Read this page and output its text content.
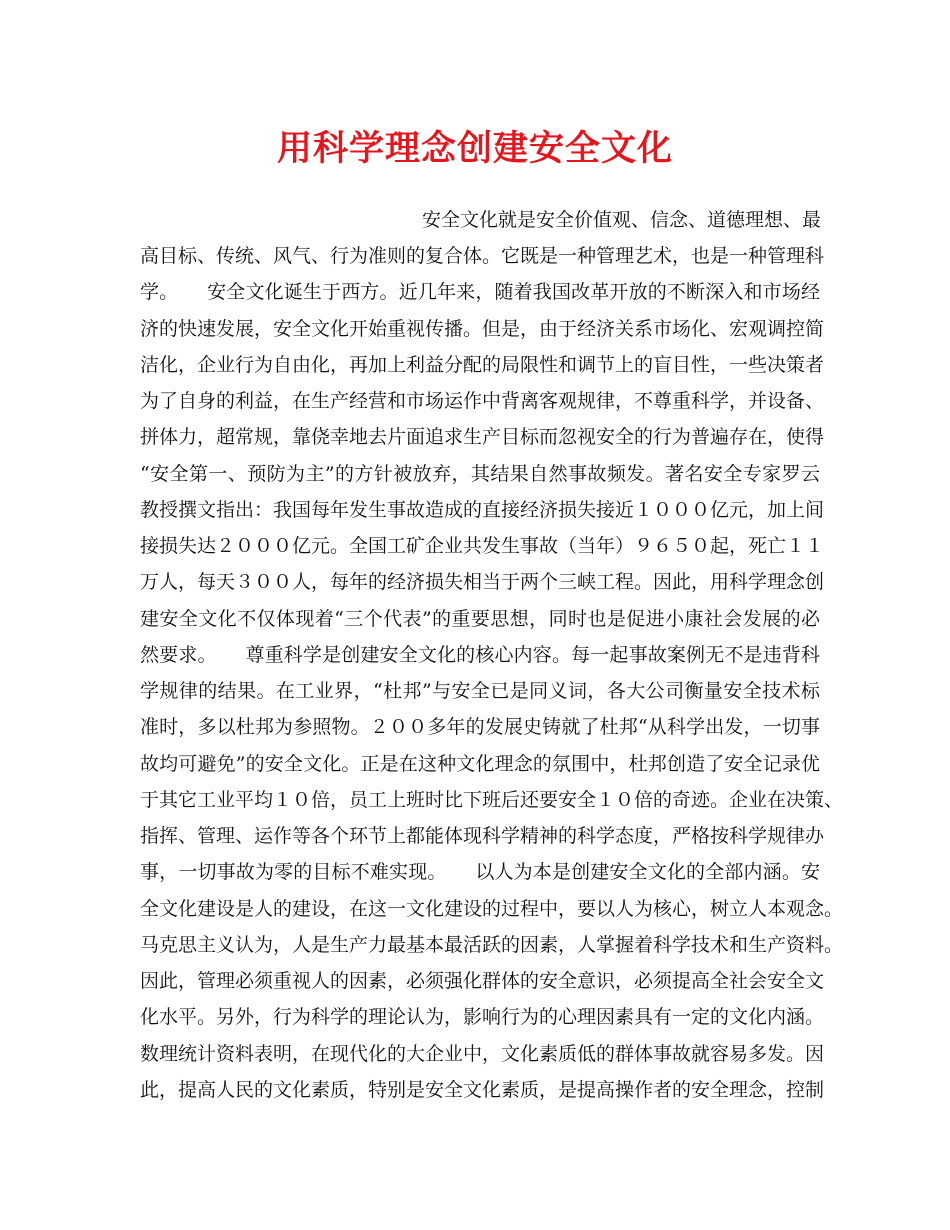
用科学理念创建安全文化

安全文化就是安全价值观、信念、道德理想、最

高目标、传统、风气、行为准则的复合体。它既是一种管理艺术，也是一种管理科

学。　　安全文化诞生于西方。近几年来，随着我国改革开放的不断深入和市场经

济的快速发展，安全文化开始重视传播。但是，由于经济关系市场化、宏观调控简

洁化，企业行为自由化，再加上利益分配的局限性和调节上的盲目性，一些决策者

为了自身的利益，在生产经营和市场运作中背离客观规律，不尊重科学，并设备、

拼体力，超常规，靠侥幸地去片面追求生产目标而忽视安全的行为普遍存在，使得

“安全第一、预防为主”的方针被放弃，其结果自然事故频发。著名安全专家罗云

教授撰文指出：我国每年发生事故造成的直接经济损失接近１０００亿元，加上间

接损失达２０００亿元。全国工矿企业共发生事故（当年）９６５０起，死亡１１

万人，每天３００人，每年的经济损失相当于两个三峡工程。因此，用科学理念创

建安全文化不仅体现着“三个代表”的重要思想，同时也是促进小康社会发展的必

然要求。　　尊重科学是创建安全文化的核心内容。每一起事故案例无不是违背科

学规律的结果。在工业界，“杜邦”与安全已是同义词，各大公司衡量安全技术标

准时，多以杜邦为参照物。２００多年的发展史铸就了杜邦“从科学出发，一切事

故均可避免”的安全文化。正是在这种文化理念的氛围中，杜邦创造了安全记录优

于其它工业平均１０倍，员工上班时比下班后还要安全１０倍的奇迹。企业在决策、

指挥、管理、运作等各个环节上都能体现科学精神的科学态度，严格按科学规律办

事，一切事故为零的目标不难实现。　　以人为本是创建安全文化的全部内涵。安

全文化建设是人的建设，在这一文化建设的过程中，要以人为核心，树立人本观念。

马克思主义认为，人是生产力最基本最活跃的因素，人掌握着科学技术和生产资料。

因此，管理必须重视人的因素，必须强化群体的安全意识，必须提高全社会安全文

化水平。另外，行为科学的理论认为，影响行为的心理因素具有一定的文化内涵。

数理统计资料表明，在现代化的大企业中，文化素质低的群体事故就容易多发。因

此，提高人民的文化素质，特别是安全文化素质，是提高操作者的安全理念，控制
